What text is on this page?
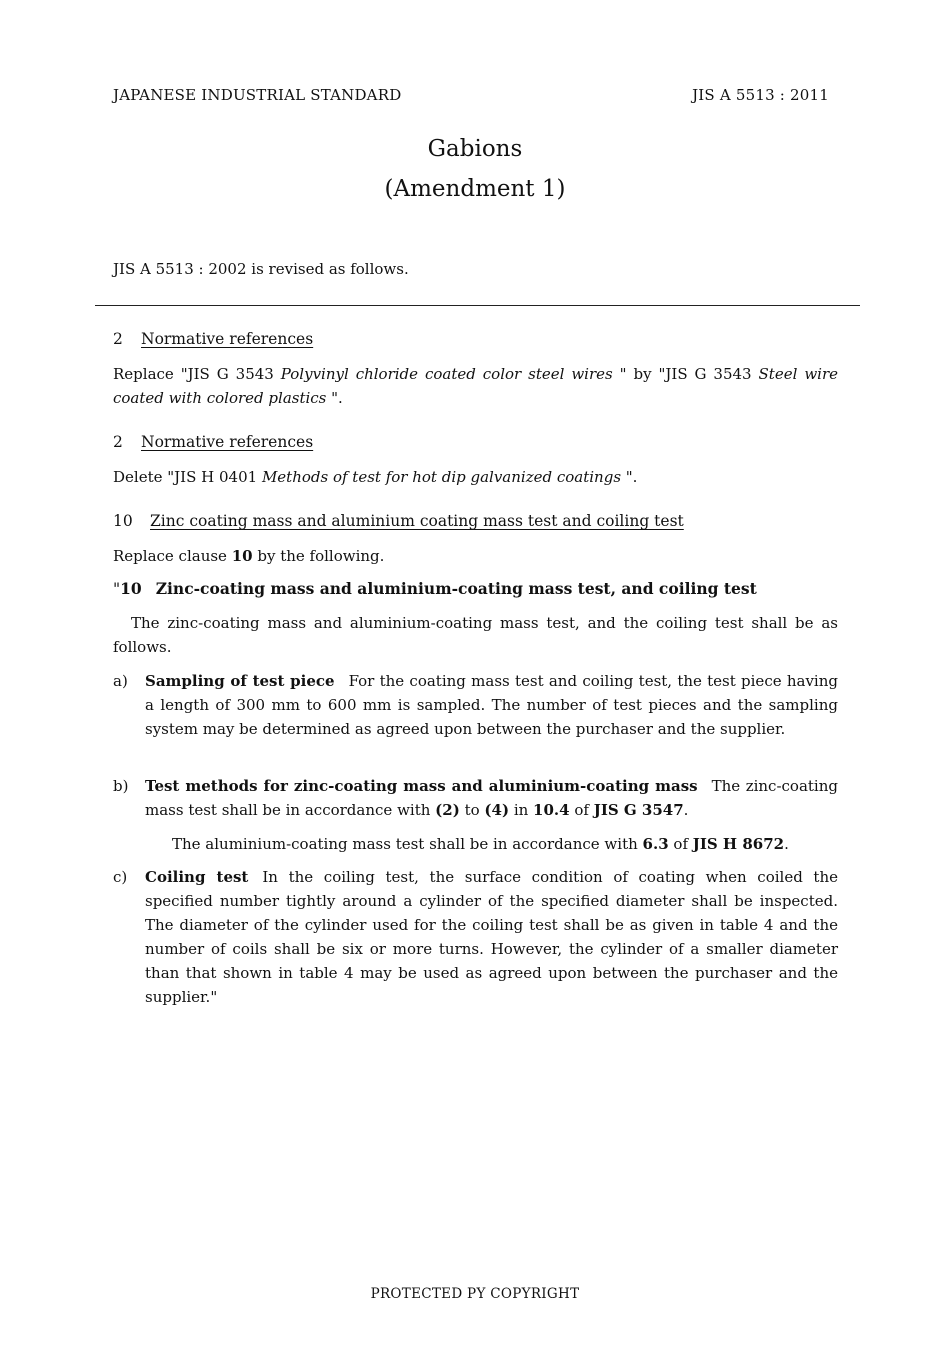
JAPANESE INDUSTRIAL STANDARD	JIS A 5513 : 2011
Gabions
(Amendment 1)
JIS A 5513 : 2002 is revised as follows.
2 Normative references
Replace "JIS G 3543 Polyvinyl chloride coated color steel wires " by "JIS G 3543 Steel wire coated with colored plastics ".
2 Normative references
Delete "JIS H 0401 Methods of test for hot dip galvanized coatings ".
10 Zinc coating mass and aluminium coating mass test and coiling test
Replace clause 10 by the following.
"10 Zinc-coating mass and aluminium-coating mass test, and coiling test
The zinc-coating mass and aluminium-coating mass test, and the coiling test shall be as follows.
a)	Sampling of test piece For the coating mass test and coiling test, the test piece having a length of 300 mm to 600 mm is sampled. The number of test pieces and the sampling system may be determined as agreed upon between the purchaser and the supplier.
b)	Test methods for zinc-coating mass and aluminium-coating mass The zinc-coating mass test shall be in accordance with (2) to (4) in 10.4 of JIS G 3547.
The aluminium-coating mass test shall be in accordance with 6.3 of JIS H 8672.
c)	Coiling test In the coiling test, the surface condition of coating when coiled the specified number tightly around a cylinder of the specified diameter shall be inspected. The diameter of the cylinder used for the coiling test shall be as given in table 4 and the number of coils shall be six or more turns. However, the cylinder of a smaller diameter than that shown in table 4 may be used as agreed upon between the purchaser and the supplier."
PROTECTED PY COPYRIGHT
